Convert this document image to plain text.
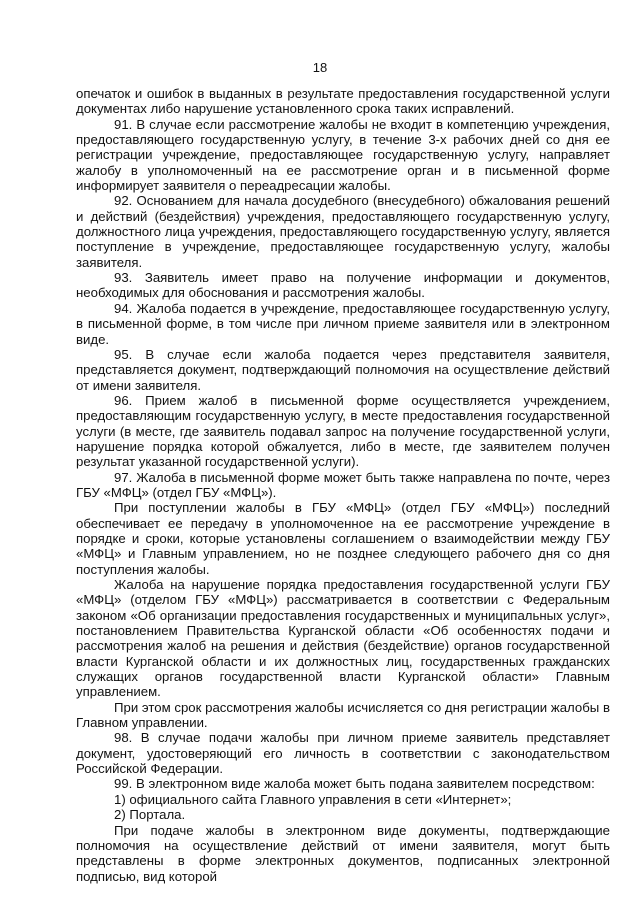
18

опечаток и ошибок в выданных в результате предоставления государственной услуги документах либо нарушение установленного срока таких исправлений.

91. В случае если рассмотрение жалобы не входит в компетенцию учреждения, предоставляющего государственную услугу, в течение 3-х рабочих дней со дня ее регистрации учреждение, предоставляющее государственную услугу, направляет жалобу в уполномоченный на ее рассмотрение орган и в письменной форме информирует заявителя о переадресации жалобы.

92. Основанием для начала досудебного (внесудебного) обжалования решений и действий (бездействия) учреждения, предоставляющего государственную услугу, должностного лица учреждения, предоставляющего государственную услугу, является поступление в учреждение, предоставляющее государственную услугу, жалобы заявителя.

93. Заявитель имеет право на получение информации и документов, необходимых для обоснования и рассмотрения жалобы.

94. Жалоба подается в учреждение, предоставляющее государственную услугу, в письменной форме, в том числе при личном приеме заявителя или в электронном виде.

95. В случае если жалоба подается через представителя заявителя, представляется документ, подтверждающий полномочия на осуществление действий от имени заявителя.

96. Прием жалоб в письменной форме осуществляется учреждением, предоставляющим государственную услугу, в месте предоставления государственной услуги (в месте, где заявитель подавал запрос на получение государственной услуги, нарушение порядка которой обжалуется, либо в месте, где заявителем получен результат указанной государственной услуги).

97. Жалоба в письменной форме может быть также направлена по почте, через ГБУ «МФЦ» (отдел ГБУ «МФЦ»).

При поступлении жалобы в ГБУ «МФЦ» (отдел ГБУ «МФЦ») последний обеспечивает ее передачу в уполномоченное на ее рассмотрение учреждение в порядке и сроки, которые установлены соглашением о взаимодействии между ГБУ «МФЦ» и Главным управлением, но не позднее следующего рабочего дня со дня поступления жалобы.

Жалоба на нарушение порядка предоставления государственной услуги ГБУ «МФЦ» (отделом ГБУ «МФЦ») рассматривается в соответствии с Федеральным законом «Об организации предоставления государственных и муниципальных услуг», постановлением Правительства Курганской области «Об особенностях подачи и рассмотрения жалоб на решения и действия (бездействие) органов государственной власти Курганской области и их должностных лиц, государственных гражданских служащих органов государственной власти Курганской области» Главным управлением.

При этом срок рассмотрения жалобы исчисляется со дня регистрации жалобы в Главном управлении.

98. В случае подачи жалобы при личном приеме заявитель представляет документ, удостоверяющий его личность в соответствии с законодательством Российской Федерации.

99. В электронном виде жалоба может быть подана заявителем посредством:

1) официального сайта Главного управления в сети «Интернет»;

2) Портала.

При подаче жалобы в электронном виде документы, подтверждающие полномочия на осуществление действий от имени заявителя, могут быть представлены в форме электронных документов, подписанных электронной подписью, вид которой
